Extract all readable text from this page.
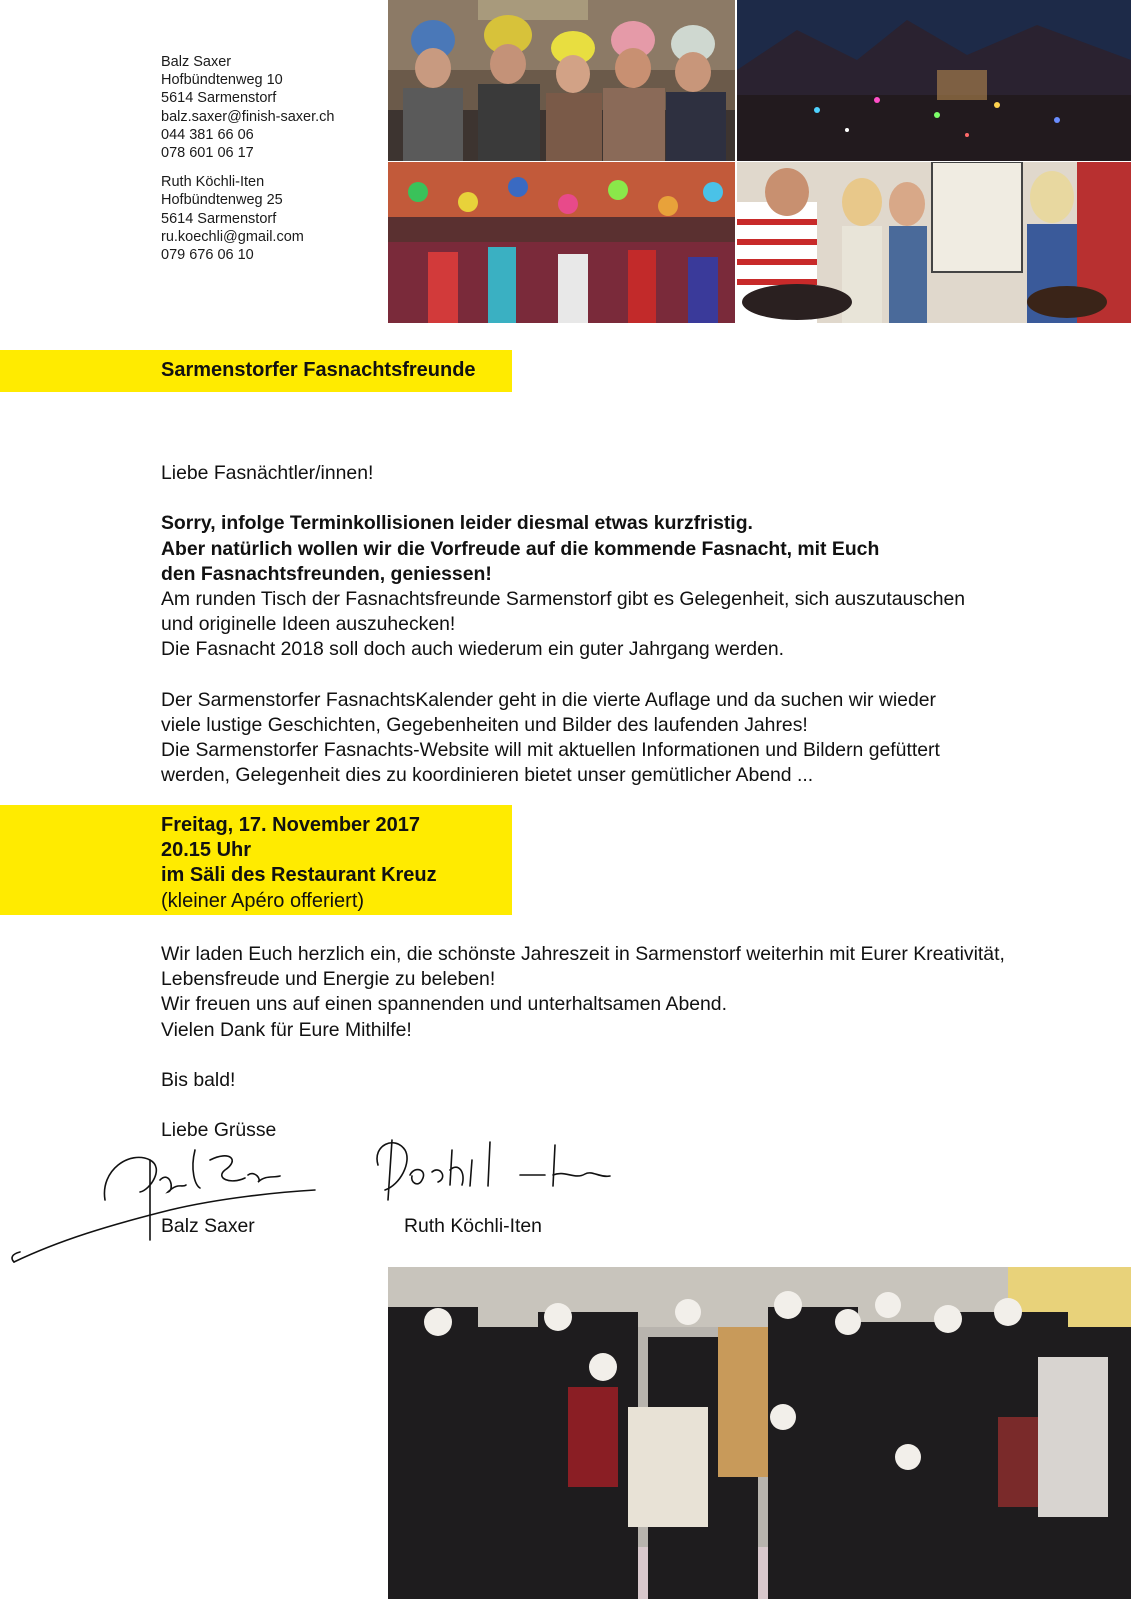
Balz Saxer
Hofbündtenweg 10
5614 Sarmenstorf
balz.saxer@finish-saxer.ch
044 381 66 06
078 601 06 17
Ruth Köchli-Iten
Hofbündtenweg 25
5614 Sarmenstorf
ru.koechli@gmail.com
079 676 06 10
Sarmenstorfer Fasnachtsfreunde
Liebe Fasnächtler/innen!
Sorry, infolge Terminkollisionen leider diesmal etwas kurzfristig.
Aber natürlich wollen wir die Vorfreude auf die kommende Fasnacht, mit Euch
den Fasnachtsfreunden, geniessen!
Am runden Tisch der Fasnachtsfreunde Sarmenstorf gibt es Gelegenheit, sich auszutauschen
und originelle Ideen auszuhecken!
Die Fasnacht 2018 soll doch auch wiederum ein guter Jahrgang werden.
Der Sarmenstorfer FasnachtsKalender geht in die vierte Auflage und da suchen wir wieder
viele lustige Geschichten, Gegebenheiten und Bilder des laufenden Jahres!
Die Sarmenstorfer Fasnachts-Website will mit aktuellen Informationen und Bildern gefüttert
werden, Gelegenheit dies zu koordinieren bietet unser gemütlicher Abend ...
Freitag, 17. November 2017
20.15 Uhr
im Säli des Restaurant Kreuz
(kleiner Apéro offeriert)
Wir laden Euch herzlich ein, die schönste Jahreszeit in Sarmenstorf weiterhin mit Eurer Kreativität,
Lebensfreude und Energie zu beleben!
Wir freuen uns auf einen spannenden und unterhaltsamen Abend.
Vielen Dank für Eure Mithilfe!
Bis bald!
Liebe Grüsse
Balz Saxer	Ruth Köchli-Iten
